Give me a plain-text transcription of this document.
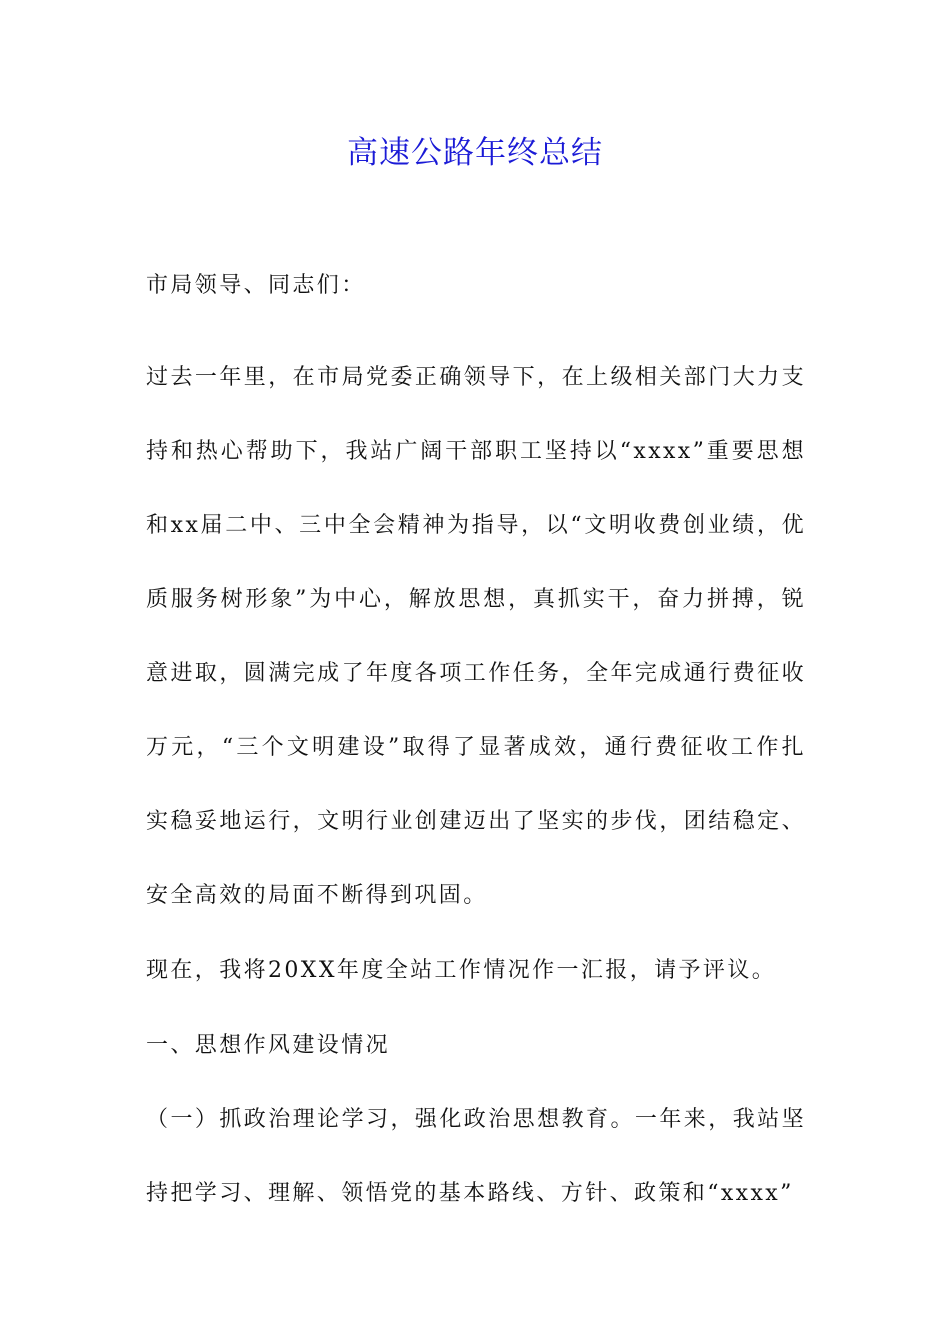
高速公路年终总结
市局领导、同志们：
过去一年里，在市局党委正确领导下，在上级相关部门大力支持和热心帮助下，我站广阔干部职工坚持以“xxxx”重要思想和xx届二中、三中全会精神为指导，以“文明收费创业绩，优质服务树形象”为中心，解放思想，真抓实干，奋力拼搏，锐意进取，圆满完成了年度各项工作任务，全年完成通行费征收万元，“三个文明建设”取得了显著成效，通行费征收工作扎实稳妥地运行，文明行业创建迈出了坚实的步伐，团结稳定、安全高效的局面不断得到巩固。
现在，我将20XX年度全站工作情况作一汇报，请予评议。
一、思想作风建设情况
（一）抓政治理论学习，强化政治思想教育。一年来，我站坚持把学习、理解、领悟党的基本路线、方针、政策和“xxxx”
